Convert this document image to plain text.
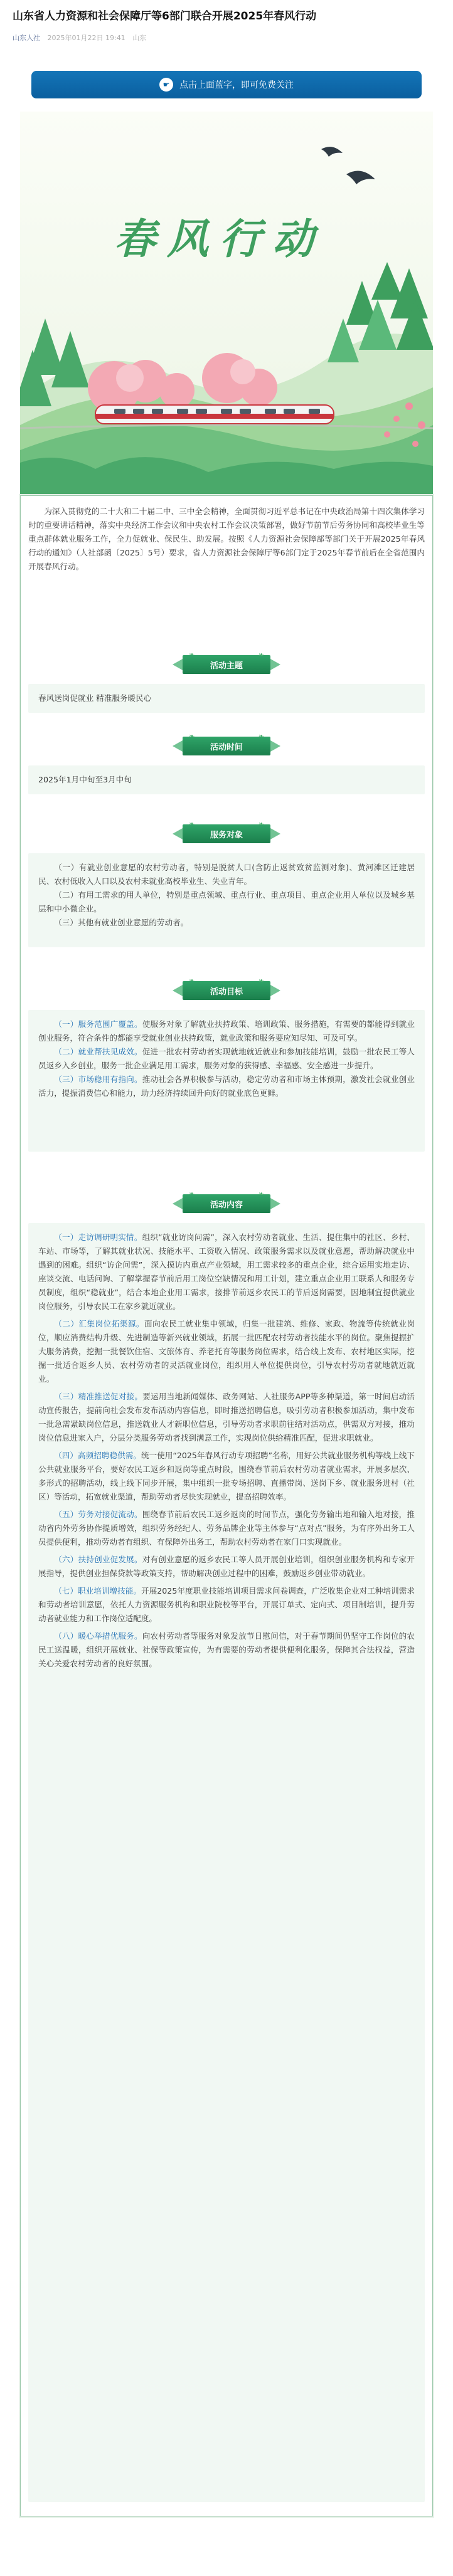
山东省人力资源和社会保障厅等6部门联合开展2025年春风行动
山东人社 2025年01月22日 19:41 山东
☛	点击上面蓝字，即可免费关注
春风行动

为深入贯彻党的二十大和二十届二中、三中全会精神，全面贯彻习近平总书记在中央政治局第十四次集体学习时的重要讲话精神，落实中央经济工作会议和中央农村工作会议决策部署，做好节前节后劳务协同和高校毕业生等重点群体就业服务工作，全力促就业、保民生、助发展。按照《人力资源社会保障部等部门关于开展2025年春风行动的通知》（人社部函〔2025〕5号）要求，省人力资源社会保障厅等6部门定于2025年春节前后在全省范围内开展春风行动。

活动主题
❧
春风送岗促就业 精准服务暖民心
活动时间
❧
2025年1月中旬至3月中旬
服务对象
❧

（一）有就业创业意愿的农村劳动者，特别是脱贫人口(含防止返贫致贫监测对象)、黄河滩区迁建居民、农村低收入人口以及农村未就业高校毕业生、失业青年。

（二）有用工需求的用人单位，特别是重点领域、重点行业、重点项目、重点企业用人单位以及城乡基层和中小微企业。

（三）其他有就业创业意愿的劳动者。

活动目标
❧

（一）服务范围广覆盖。使服务对象了解就业扶持政策、培训政策、服务措施，有需要的都能得到就业创业服务，符合条件的都能享受就业创业扶持政策，就业政策和服务要应知尽知、可及可享。

（二）就业帮扶见成效。促进一批农村劳动者实现就地就近就业和参加技能培训，鼓励一批农民工等人员返乡入乡创业，服务一批企业满足用工需求，服务对象的获得感、幸福感、安全感进一步提升。

（三）市场稳用有指向。推动社会各界积极参与活动，稳定劳动者和市场主体预期，激发社会就业创业活力，提振消费信心和能力，助力经济持续回升向好的就业底色更鲜。

活动内容
❧

（一）走访调研明实情。组织“就业访岗问需”，深入农村劳动者就业、生活、提住集中的社区、乡村、车站、市场等，了解其就业状况、技能水平、工资收入情况、政策服务需求以及就业意愿，帮助解决就业中遇到的困难。组织“访企问需”，深入摸访内重点产业领域，用工需求较多的重点企业，综合运用实地走访、座谈交流、电话问询、了解掌握春节前后用工岗位空缺情况和用工计划，建立重点企业用工联系人和服务专员制度，组织“稳就业”，结合本地企业用工需求，接排节前返乡农民工的节后返岗需要，因地制宜提供就业岗位服务，引导农民工在家乡就近就业。

（二）汇集岗位拓渠源。面向农民工就业集中领域，归集一批建筑、维修、家政、物流等传统就业岗位，顺应消费结构升级、先进制造等新兴就业领域，拓展一批匹配农村劳动者技能水平的岗位。聚焦提振扩大服务消费，挖掘一批餐饮住宿、文旅体育、养老托育等服务岗位需求，结合线上发布、农村地区实际，挖掘一批适合返乡人员、农村劳动者的灵活就业岗位，组织用人单位提供岗位，引导农村劳动者就地就近就业。

（三）精准推送促对接。要运用当地新闻媒体、政务网站、人社服务APP等多种渠道，第一时间启动活动宣传报告，提前向社会发布发布活动内容信息，即时推送招聘信息，吸引劳动者积极参加活动，集中发布一批急需紧缺岗位信息，推送就业人才新职位信息，引导劳动者求职前往结对活动点，供需双方对接，推动岗位信息进家入户，分层分类服务劳动者找到满意工作，实现岗位供给精准匹配，促进求职就业。

（四）高频招聘稳供需。统一使用“2025年春风行动专项招聘”名称，用好公共就业服务机构等线上线下公共就业服务平台，要好农民工返乡和返岗等重点时段，围绕春节前后农村劳动者就业需求，开展多层次、多形式的招聘活动，线上线下同步开展，集中组织一批专场招聘、直播带岗、送岗下乡、就业服务进村（社区）等活动，拓宽就业渠道，帮助劳动者尽快实现就业，提高招聘效率。

（五）劳务对接促流动。围绕春节前后农民工返乡返岗的时间节点，强化劳务输出地和输入地对接，推动省内外劳务协作提质增效，组织劳务经纪人、劳务品牌企业等主体参与“点对点”服务，为有序外出务工人员提供便利，推动劳动者有组织、有保障外出务工，帮助农村劳动者在家门口实现就业。

（六）扶持创业促发展。对有创业意愿的返乡农民工等人员开展创业培训，组织创业服务机构和专家开展指导，提供创业担保贷款等政策支持，帮助解决创业过程中的困难，鼓励返乡创业带动就业。

（七）职业培训增技能。开展2025年度职业技能培训项目需求问卷调查，广泛收集企业对工种培训需求和劳动者培训意愿，依托人力资源服务机构和职业院校等平台，开展订单式、定向式、项目制培训，提升劳动者就业能力和工作岗位适配度。

（八）暖心举措优服务。向农村劳动者等服务对象发放节日慰问信，对于春节期间仍坚守工作岗位的农民工送温暖，组织开展就业、社保等政策宣传，为有需要的劳动者提供便利化服务，保障其合法权益，营造关心关爱农村劳动者的良好氛围。
